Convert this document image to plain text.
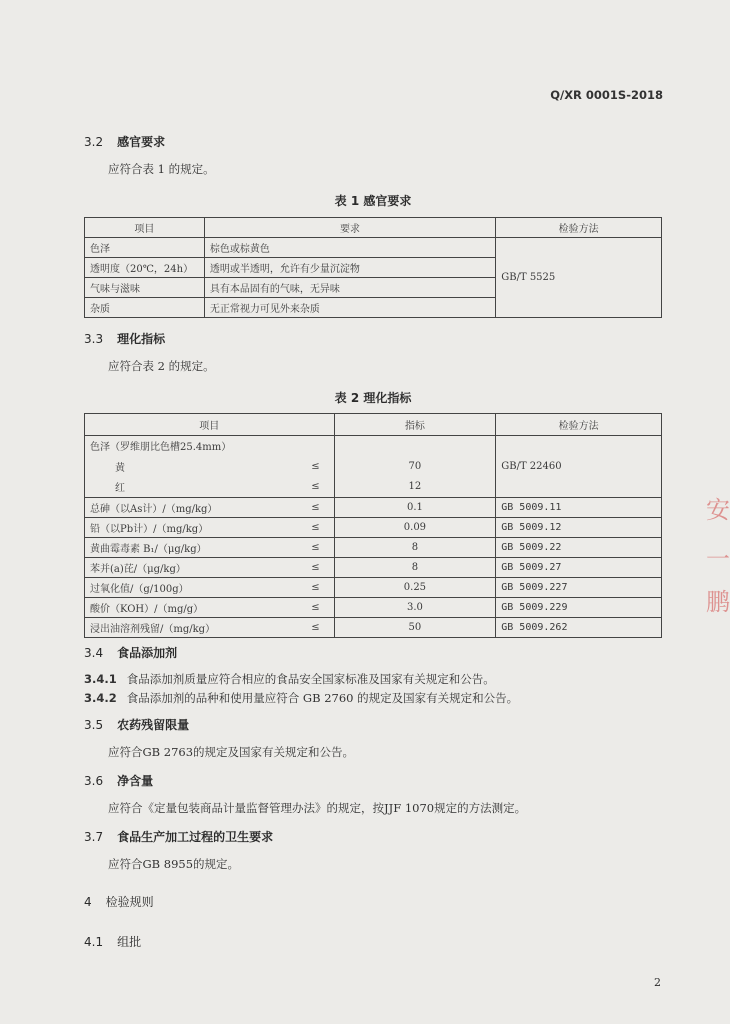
Q/XR 0001S-2018
3.2 感官要求
应符合表 1 的规定。
表 1 感官要求
项目	要求	检验方法
色泽	棕色或棕黄色	GB/T 5525
透明度（20℃，24h）	透明或半透明，允许有少量沉淀物	
气味与滋味	具有本品固有的气味，无异味	
杂质	无正常视力可见外来杂质	
3.3 理化指标
应符合表 2 的规定。
表 2 理化指标
项目		指标	检验方法
色泽（罗维朋比色槽25.4mm）			GB/T 22460
黄	≤	70	
红	≤	12	
总砷（以As计）/（mg/kg）	≤	0.1	GB 5009.11
铅（以Pb计）/（mg/kg）	≤	0.09	GB 5009.12
黄曲霉毒素 B₁/（μg/kg）	≤	8	GB 5009.22
苯并(a)芘/（μg/kg）	≤	8	GB 5009.27
过氧化值/（g/100g）	≤	0.25	GB 5009.227
酸价（KOH）/（mg/g）	≤	3.0	GB 5009.229
浸出油溶剂残留/（mg/kg）	≤	50	GB 5009.262
3.4 食品添加剂
3.4.1 食品添加剂质量应符合相应的食品安全国家标准及国家有关规定和公告。
3.4.2 食品添加剂的品种和使用量应符合 GB 2760 的规定及国家有关规定和公告。
3.5 农药残留限量
应符合GB 2763的规定及国家有关规定和公告。
3.6 净含量
应符合《定量包装商品计量监督管理办法》的规定，按JJF 1070规定的方法测定。
3.7 食品生产加工过程的卫生要求
应符合GB 8955的规定。
4 检验规则
4.1 组批
安
一
鹏
2
